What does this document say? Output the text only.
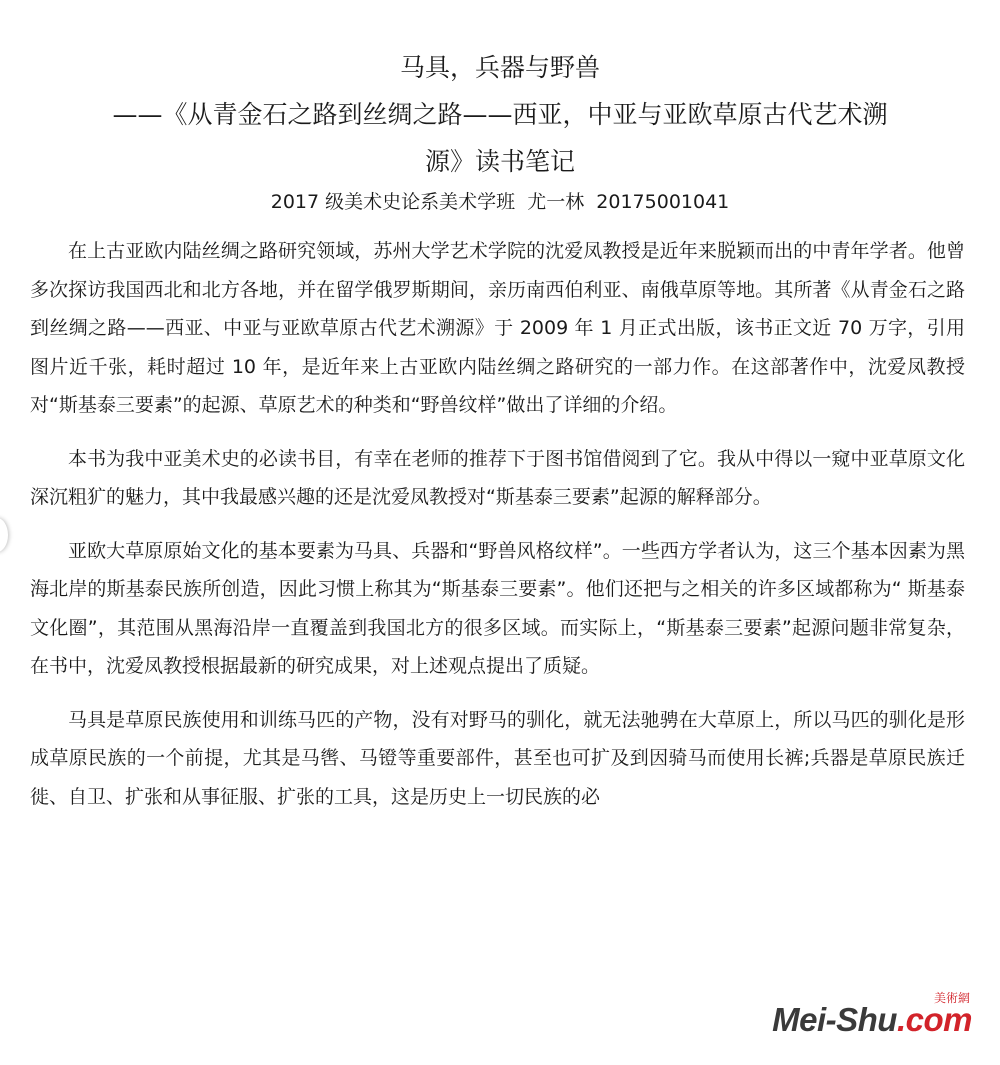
马具，兵器与野兽
——《从青金石之路到丝绸之路——西亚，中亚与亚欧草原古代艺术溯
源》读书笔记
2017 级美术史论系美术学班  尤一林  20175001041

在上古亚欧内陆丝绸之路研究领域，苏州大学艺术学院的沈爱凤教授是近年来脱颖而出的中青年学者。他曾多次探访我国西北和北方各地，并在留学俄罗斯期间，亲历南西伯利亚、南俄草原等地。其所著《从青金石之路到丝绸之路——西亚、中亚与亚欧草原古代艺术溯源》于 2009 年 1 月正式出版，该书正文近 70 万字，引用图片近千张，耗时超过 10 年，是近年来上古亚欧内陆丝绸之路研究的一部力作。在这部著作中，沈爱凤教授对“斯基泰三要素”的起源、草原艺术的种类和“野兽纹样”做出了详细的介绍。

本书为我中亚美术史的必读书目，有幸在老师的推荐下于图书馆借阅到了它。我从中得以一窥中亚草原文化深沉粗犷的魅力，其中我最感兴趣的还是沈爱凤教授对“斯基泰三要素”起源的解释部分。

亚欧大草原原始文化的基本要素为马具、兵器和“野兽风格纹样”。一些西方学者认为，这三个基本因素为黑海北岸的斯基泰民族所创造，因此习惯上称其为“斯基泰三要素”。他们还把与之相关的许多区域都称为“ 斯基泰文化圈”，其范围从黑海沿岸一直覆盖到我国北方的很多区域。而实际上，“斯基泰三要素”起源问题非常复杂，在书中，沈爱凤教授根据最新的研究成果，对上述观点提出了质疑。

马具是草原民族使用和训练马匹的产物，没有对野马的驯化，就无法驰骋在大草原上，所以马匹的驯化是形成草原民族的一个前提，尤其是马辔、马镫等重要部件，甚至也可扩及到因骑马而使用长裤;兵器是草原民族迁徙、自卫、扩张和从事征服、扩张的工具，这是历史上一切民族的必

美術網
Mei-Shu.com
